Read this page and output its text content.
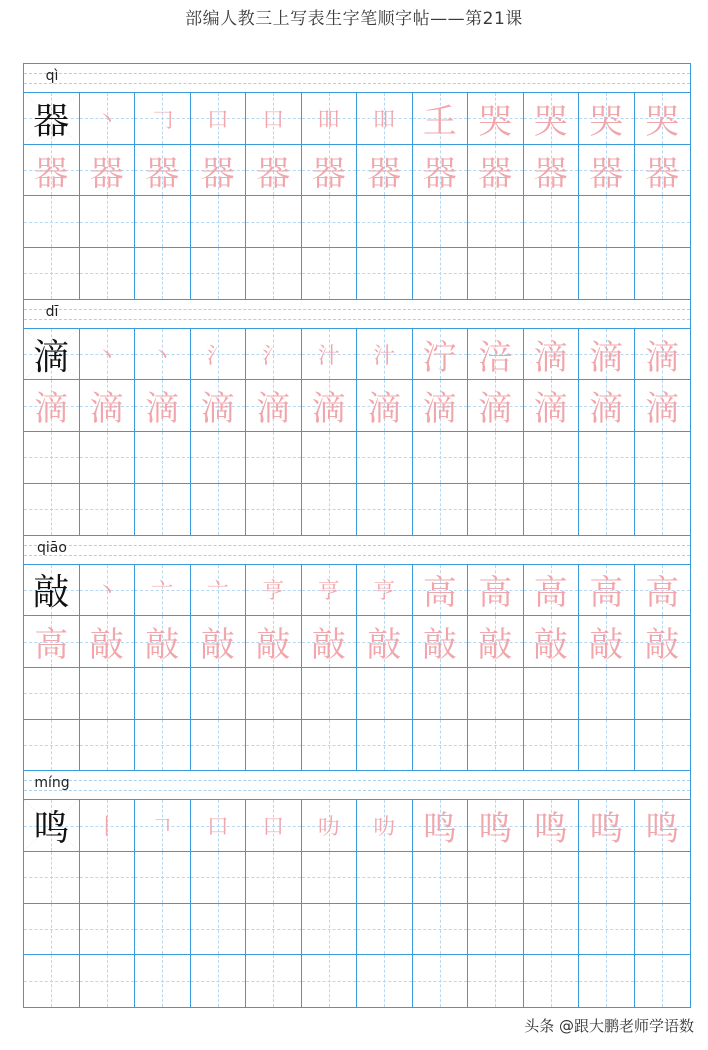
部编人教三上写表生字笔顺字帖——第21课
qì
器	丶	𠃌	口	口	吅	吅 𡈼 哭 哭 哭 哭
器 器 器 器 器 器 器 器 器 器 器 器
dī
滴	丶	丶	氵	氵	汁	汁 泞 涪 滴 滴 滴
滴 滴 滴 滴 滴 滴 滴 滴 滴 滴 滴 滴
qiāo
敲	丶	亠	亠	亨	亨	亨 高 高 高 高 高
高 敲 敲 敲 敲 敲 敲 敲 敲 敲 敲 敲
míng
鸣	丨	𠃍	口	口	叻	叻 鸣 鸣 鸣 鸣 鸣
头条 @跟大鹏老师学语数
